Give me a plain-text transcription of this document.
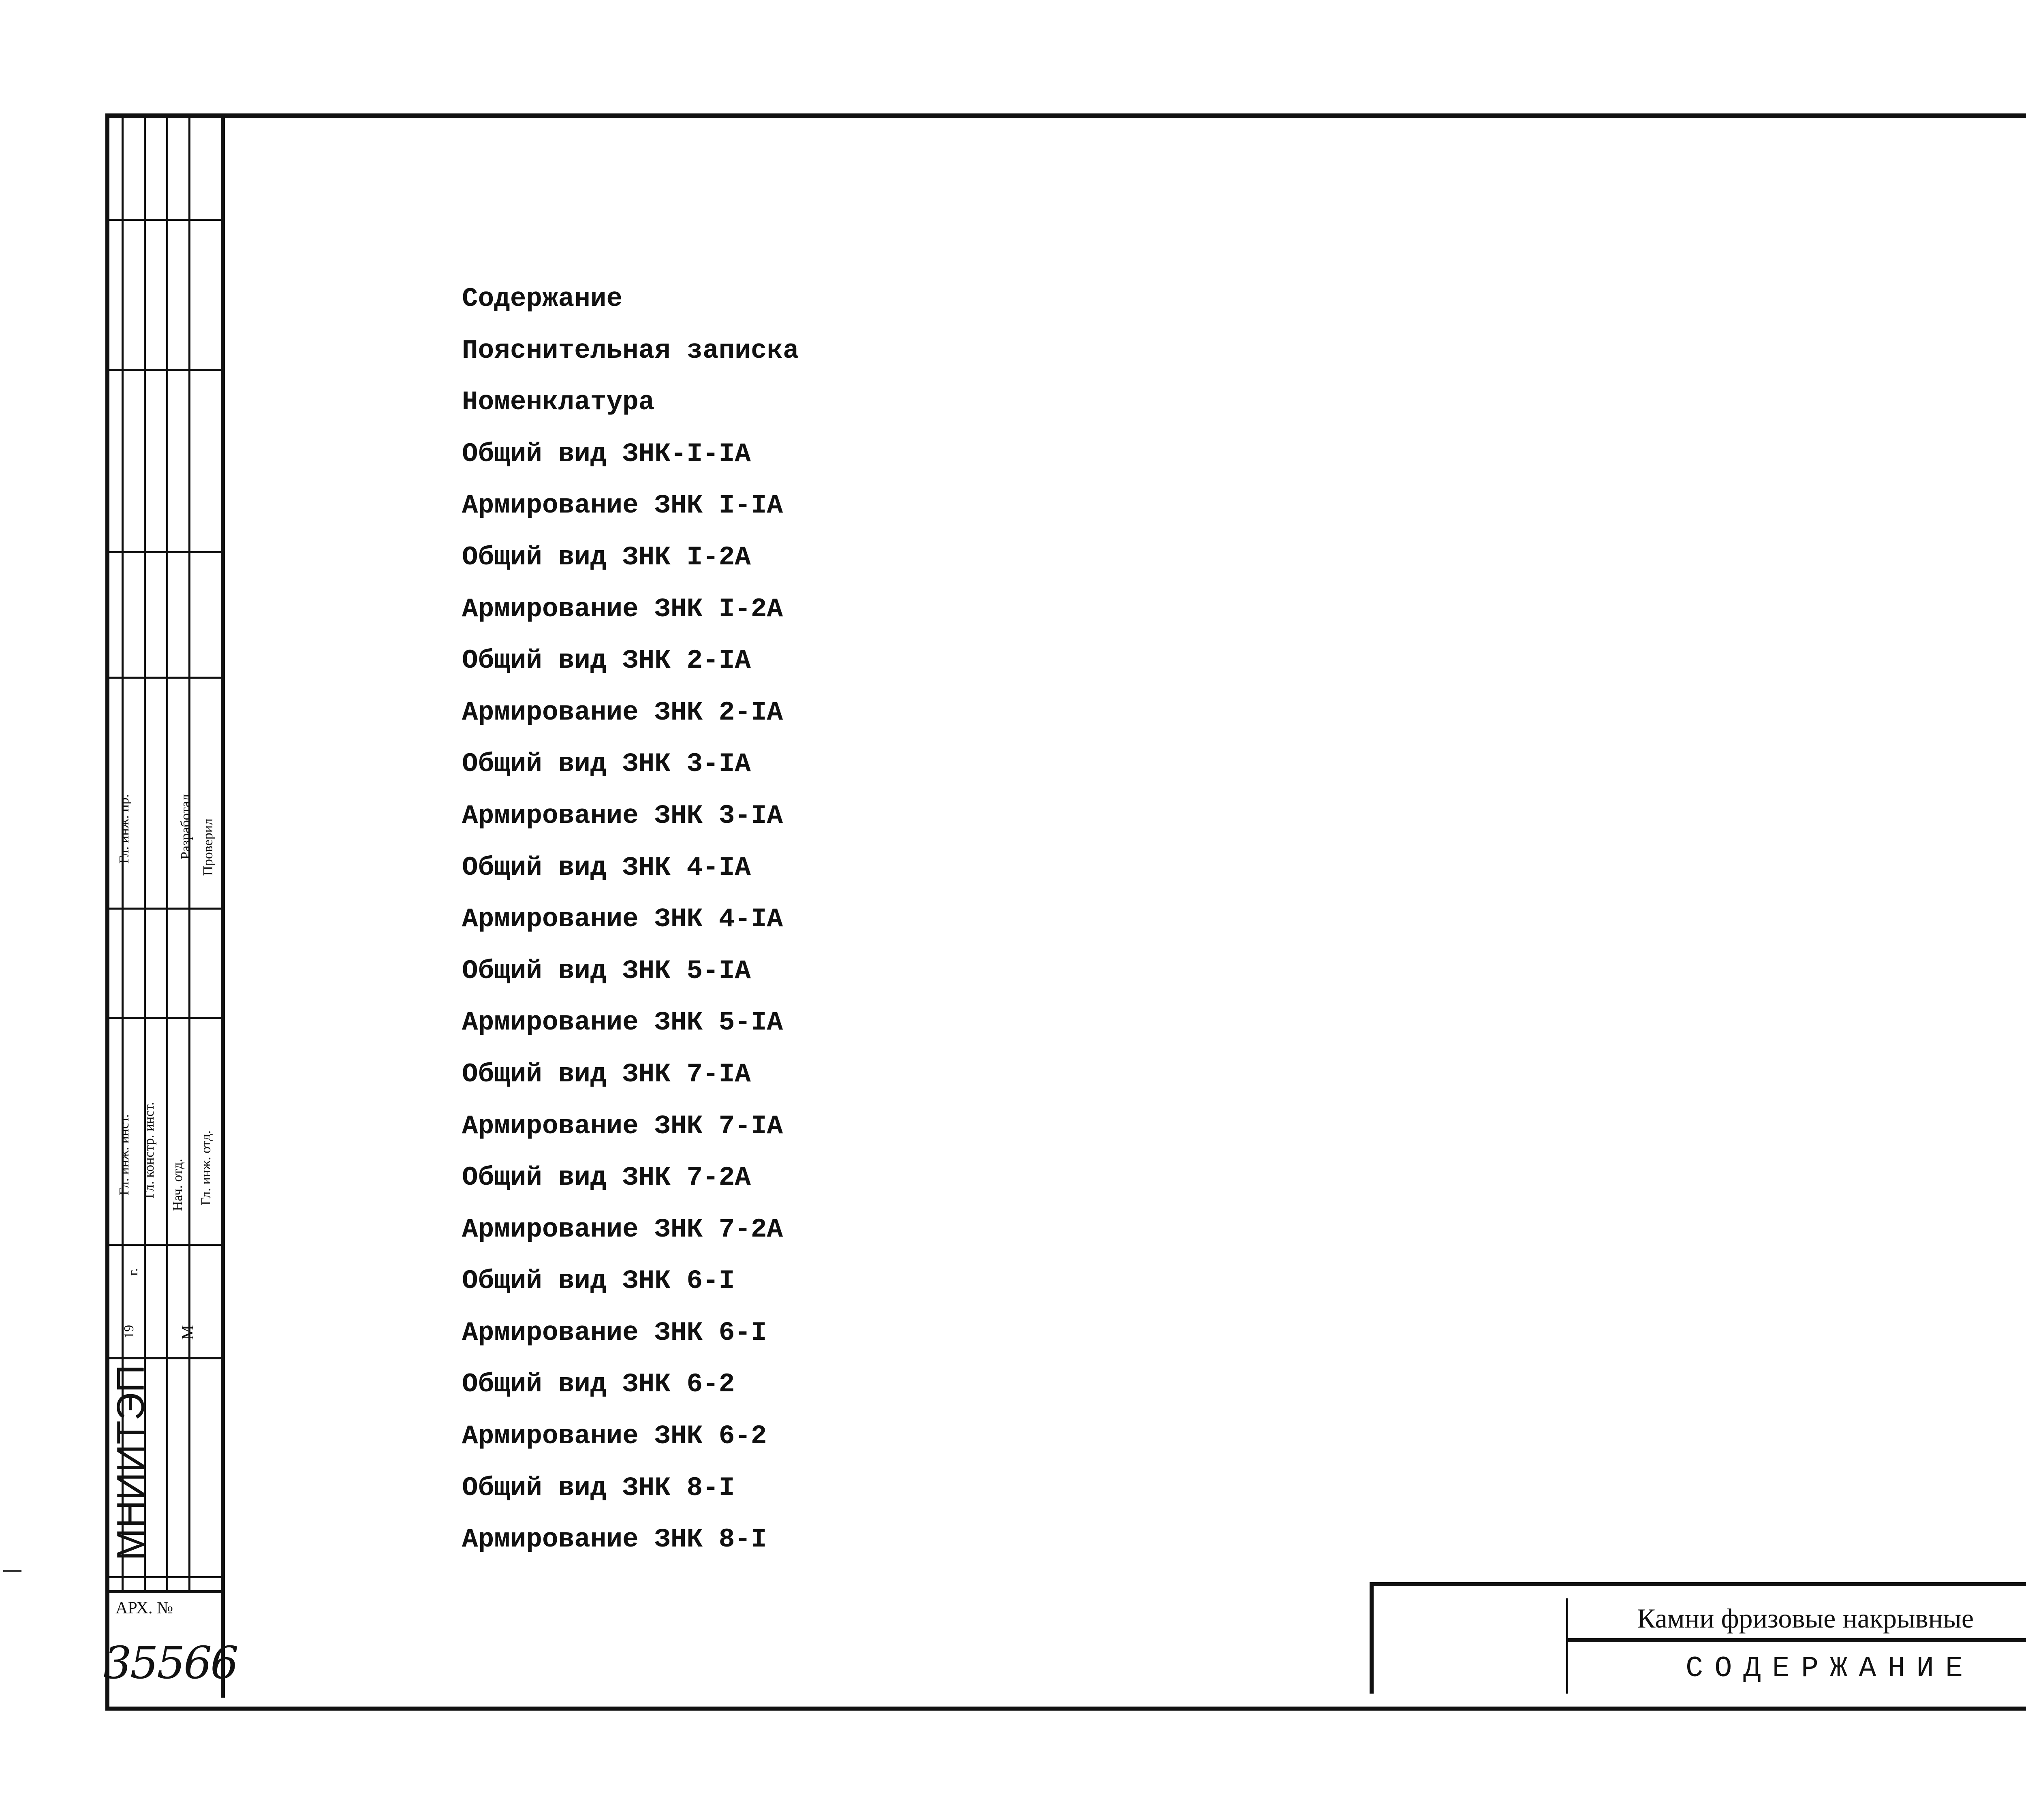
Гл. инж. пр.	Разработал Проверил
Гл. инж. инст. Гл. констр. инст. Нач. отд. Гл. инж. отд.
19
г.
М
МНИИТЭП
АРХ. №
35566
Содержание
Пояснительная записка
Номенклатура
Общий вид ЗНК-I-IA
Армирование ЗНК I-IA
Общий вид ЗНК I-2A
Армирование ЗНК I-2A
Общий вид ЗНК 2-IA
Армирование ЗНК 2-IA
Общий вид ЗНК 3-IA
Армирование ЗНК 3-IA
Общий вид ЗНК 4-IA
Армирование ЗНК 4-IA
Общий вид ЗНК 5-IA
Армирование ЗНК 5-IA
Общий вид ЗНК 7-IA
Армирование ЗНК 7-IA
Общий вид ЗНК 7-2A
Армирование ЗНК 7-2A
Общий вид ЗНК 6-I
Армирование ЗНК 6-I
Общий вид ЗНК 6-2
Армирование ЗНК 6-2
Общий вид ЗНК 8-I
Армирование ЗНК 8-I
Камни фризовые накрывные
СОДЕРЖАНИЕ
